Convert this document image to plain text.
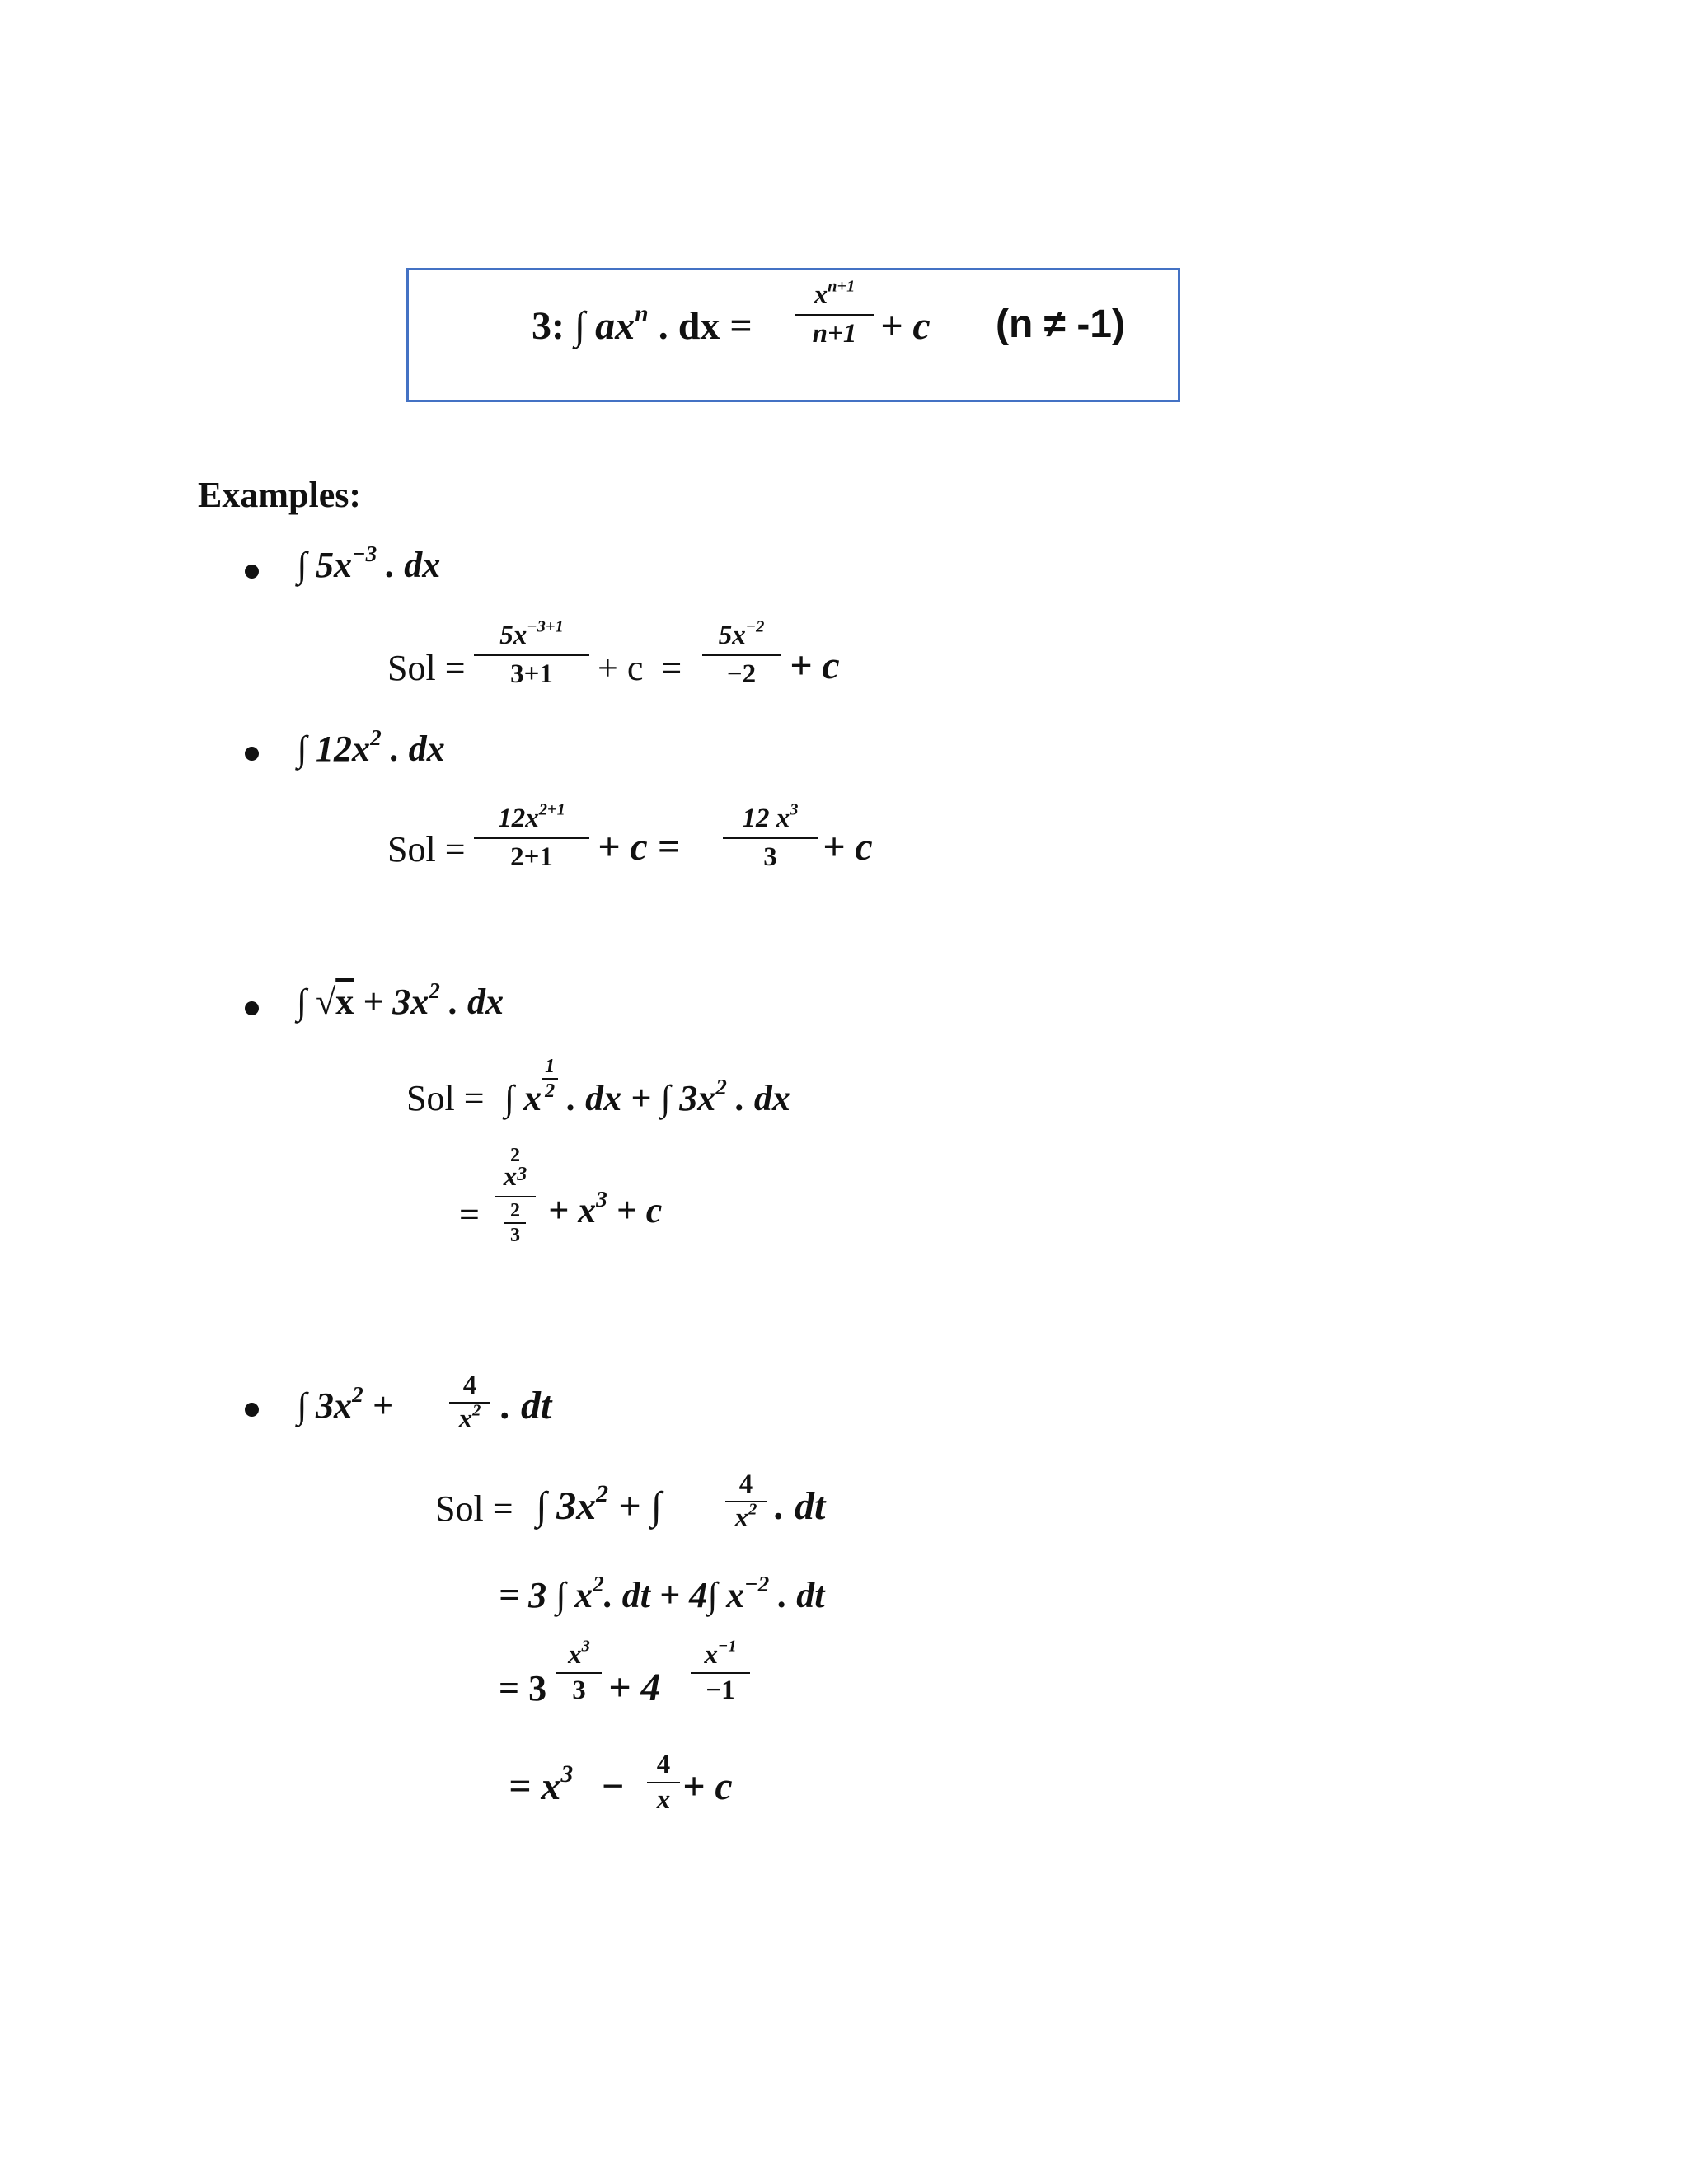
3: ∫ $ax^n$ . dx =
$x^{n+1}$
n+1 + c (n ≠ -1)
Examples:
∫ $5x^{-3}$ . dx
Sol =
$5x^{-3+1}$
3+1	+ c  =
$5x^{-2}$
−2 + c
∫ $12x^2$ . dx
Sol =
$12x^{2+1}$
2+1	+ c =
12 $x^3$
3	+ c
∫ $√x + 3x^2$ . dx
Sol = ∫ x
1
2 . dx + ∫ $3x^2$ . dx
=
2
x3
2
3
+ $x^3 + c$
∫ $3x^2$ +	4
$x^2$ . dt
Sol = ∫ $3x^2$ + ∫	4
$x^2$ . dt
= 3 ∫ $x^2$. dt + 4∫ $x^{-2}$ . dt
= 3
$x^3$
3 + 4
$x^{-1}$
−1
= $x^3$ −	4
x + c
